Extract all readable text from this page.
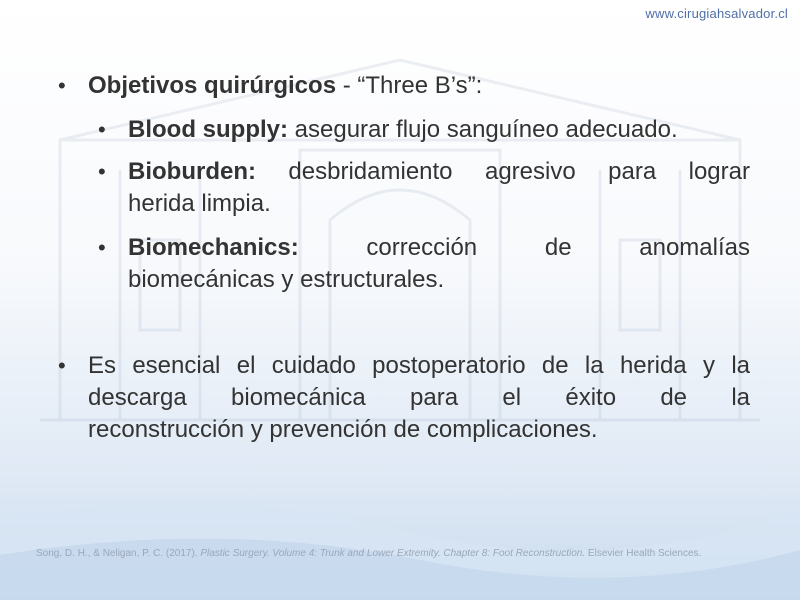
www.cirugiahsalvador.cl
• Objetivos quirúrgicos - “Three B’s”:
• Blood supply: asegurar flujo sanguíneo adecuado.
• Bioburden: desbridamiento agresivo para lograr
herida limpia.
• Biomechanics: corrección de anomalías
biomecánicas y estructurales.
• Es esencial el cuidado postoperatorio de la herida y la
descarga biomecánica para el éxito de la
reconstrucción y prevención de complicaciones.
Song, D. H., & Neligan, P. C. (2017). Plastic Surgery. Volume 4: Trunk and Lower Extremity. Chapter 8: Foot Reconstruction. Elsevier Health Sciences.
